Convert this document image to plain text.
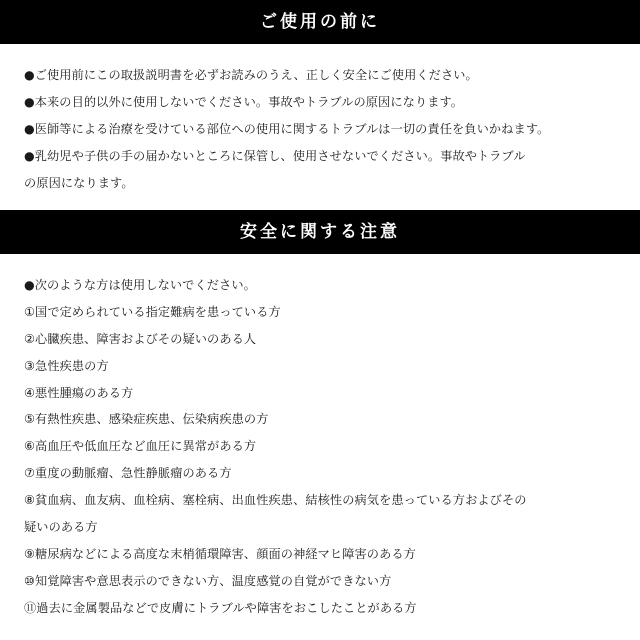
ご使用の前に
●ご使用前にこの取扱説明書を必ずお読みのうえ、正しく安全にご使用ください。
●本来の目的以外に使用しないでください。事故やトラブルの原因になります。
●医師等による治療を受けている部位への使用に関するトラブルは一切の責任を負いかねます。
●乳幼児や子供の手の届かないところに保管し、使用させないでください。事故やトラブル
の原因になります。
安全に関する注意
●次のような方は使用しないでください。
①国で定められている指定難病を患っている方
②心臓疾患、障害およびその疑いのある人
③急性疾患の方
④悪性腫瘍のある方
⑤有熱性疾患、感染症疾患、伝染病疾患の方
⑥高血圧や低血圧など血圧に異常がある方
⑦重度の動脈瘤、急性静脈瘤のある方
⑧貧血病、血友病、血栓病、塞栓病、出血性疾患、結核性の病気を患っている方およびその
疑いのある方
⑨糖尿病などによる高度な末梢循環障害、顔面の神経マヒ障害のある方
⑩知覚障害や意思表示のできない方、温度感覚の自覚ができない方
⑪過去に金属製品などで皮膚にトラブルや障害をおこしたことがある方
